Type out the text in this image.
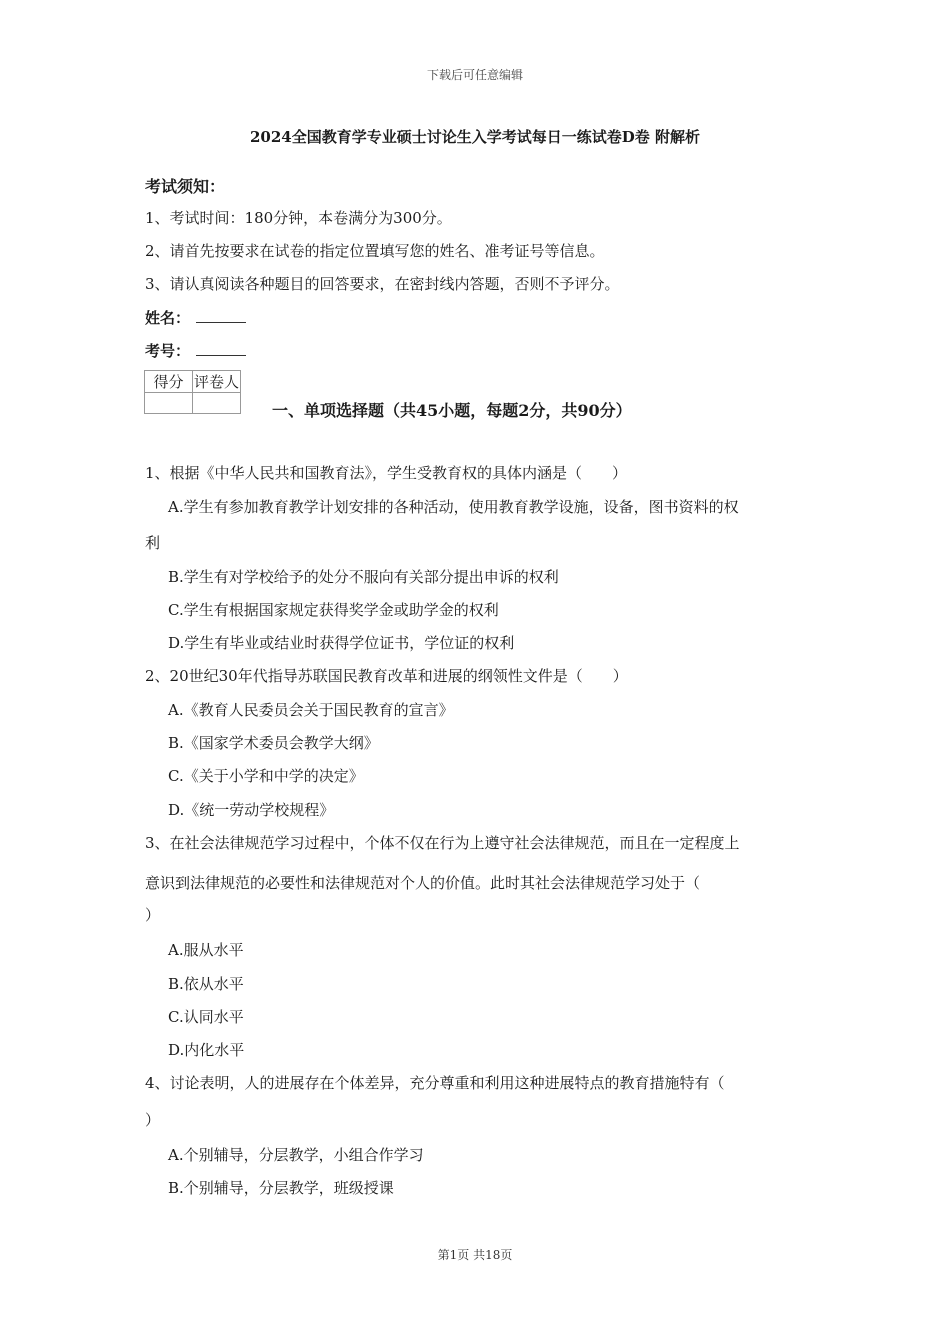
下载后可任意编辑
2024全国教育学专业硕士讨论生入学考试每日一练试卷D卷 附解析
考试须知：
1、考试时间：180分钟，本卷满分为300分。
2、请首先按要求在试卷的指定位置填写您的姓名、准考证号等信息。
3、请认真阅读各种题目的回答要求，在密封线内答题，否则不予评分。
姓名：
考号：
得分	评卷人

一、单项选择题（共45小题，每题2分，共90分）
1、根据《中华人民共和国教育法》，学生受教育权的具体内涵是（　　）
A.学生有参加教育教学计划安排的各种活动，使用教育教学设施，设备，图书资料的权
利
B.学生有对学校给予的处分不服向有关部分提出申诉的权利
C.学生有根据国家规定获得奖学金或助学金的权利
D.学生有毕业或结业时获得学位证书，学位证的权利
2、20世纪30年代指导苏联国民教育改革和进展的纲领性文件是（　　）
A.《教育人民委员会关于国民教育的宣言》
B.《国家学术委员会教学大纲》
C.《关于小学和中学的决定》
D.《统一劳动学校规程》
3、在社会法律规范学习过程中，个体不仅在行为上遵守社会法律规范，而且在一定程度上
意识到法律规范的必要性和法律规范对个人的价值。此时其社会法律规范学习处于（
）
A.服从水平
B.依从水平
C.认同水平
D.内化水平
4、讨论表明，人的进展存在个体差异，充分尊重和利用这种进展特点的教育措施特有（
）
A.个别辅导，分层教学，小组合作学习
B.个别辅导，分层教学，班级授课
第1页 共18页
